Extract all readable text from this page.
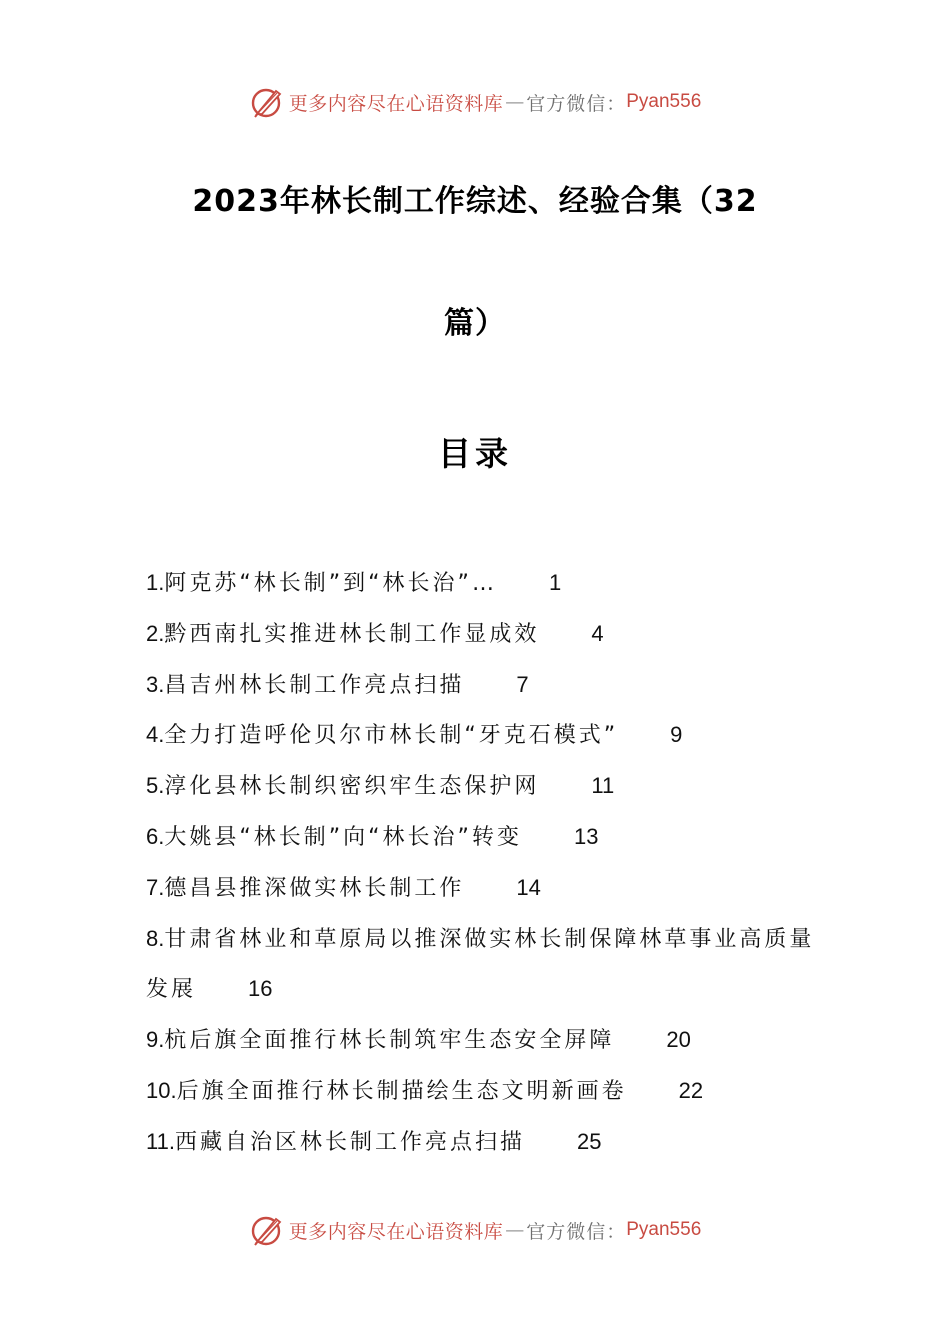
更多内容尽在心语资料库 — 官方微信： Pyan556
2023年林长制工作综述、经验合集（32
篇）
目录
1.阿克苏“林长制”到“林长治”… 1
2.黔西南扎实推进林长制工作显成效 4
3.昌吉州林长制工作亮点扫描 7
4.全力打造呼伦贝尔市林长制“牙克石模式” 9
5.淳化县林长制织密织牢生态保护网 11
6.大姚县“林长制”向“林长治”转变 13
7.德昌县推深做实林长制工作 14
8.甘肃省林业和草原局以推深做实林长制保障林草事业高质量发展 16
9.杭后旗全面推行林长制筑牢生态安全屏障 20
10.后旗全面推行林长制描绘生态文明新画卷 22
11.西藏自治区林长制工作亮点扫描 25
更多内容尽在心语资料库 — 官方微信： Pyan556
